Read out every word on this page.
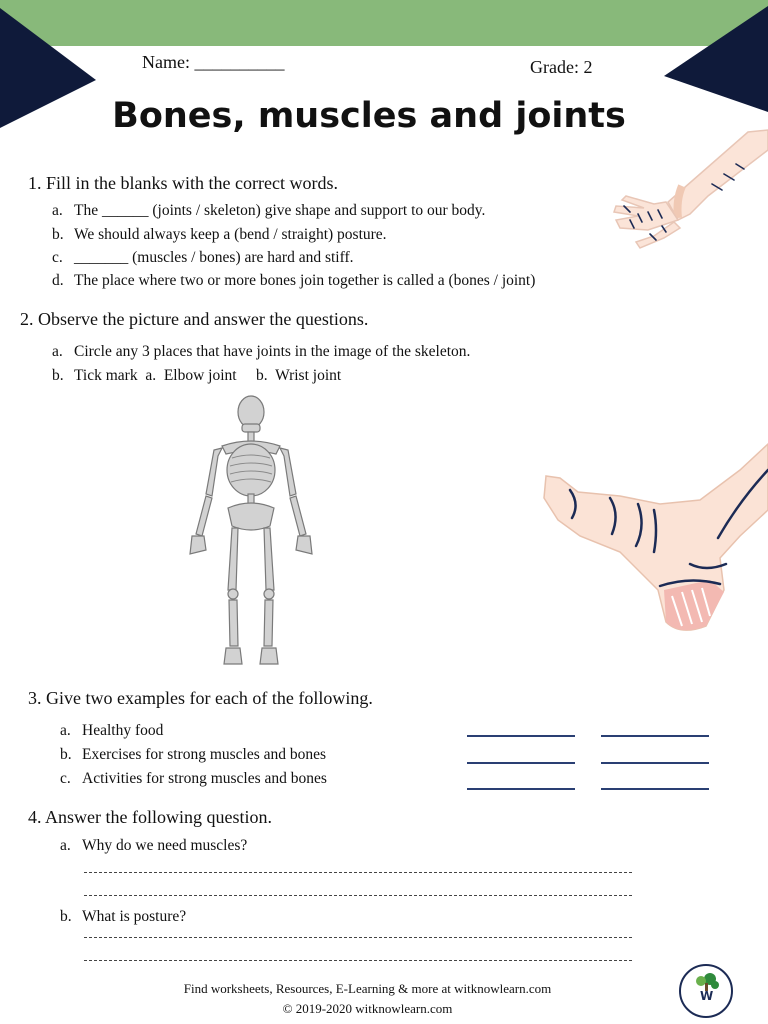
Name: __________	Grade: 2
Bones, muscles and joints
1. Fill in the blanks with the correct words.
a. The ______ (joints / skeleton) give shape and support to our body.
b. We should always keep a (bend / straight) posture.
c. _______ (muscles / bones) are hard and stiff.
d. The place where two or more bones join together is called a (bones / joint)
2. Observe the picture and answer the questions.
a. Circle any 3 places that have joints in the image of the skeleton.
b. Tick mark  a.  Elbow joint     b.  Wrist joint
3. Give two examples for each of the following.
a. Healthy food
b. Exercises for strong muscles and bones
c. Activities for strong muscles and bones
4. Answer the following question.
a. Why do we need muscles?
b. What is posture?
Find worksheets, Resources, E-Learning & more at witknowlearn.com
© 2019-2020 witknowlearn.com
W
